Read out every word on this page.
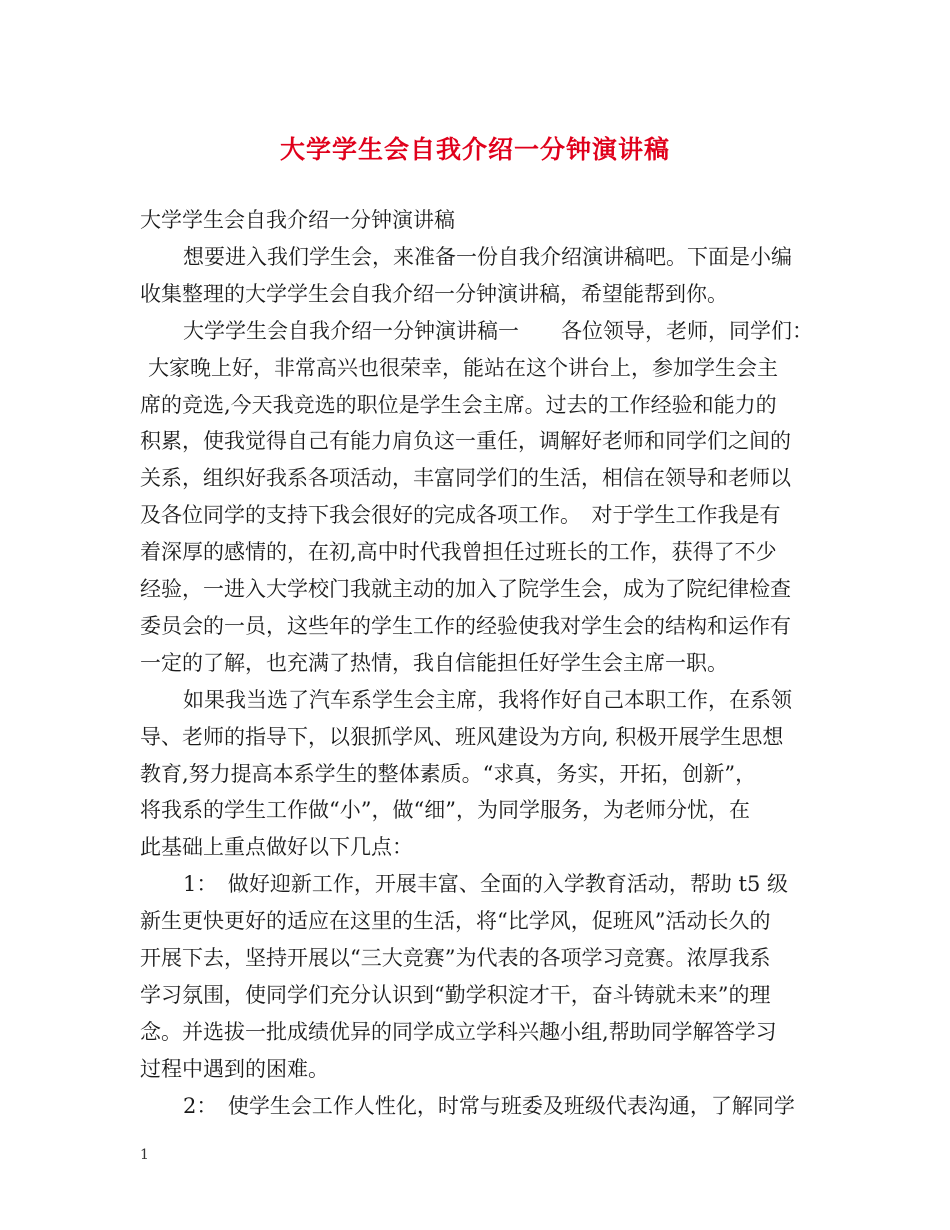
大学学生会自我介绍一分钟演讲稿
大学学生会自我介绍一分钟演讲稿
想要进入我们学生会，来准备一份自我介绍演讲稿吧。下面是小编
收集整理的大学学生会自我介绍一分钟演讲稿，希望能帮到你。
大学学生会自我介绍一分钟演讲稿一　　各位领导，老师，同学们：
大家晚上好，非常高兴也很荣幸，能站在这个讲台上，参加学生会主
席的竞选,今天我竞选的职位是学生会主席。过去的工作经验和能力的
积累，使我觉得自己有能力肩负这一重任，调解好老师和同学们之间的
关系，组织好我系各项活动，丰富同学们的生活，相信在领导和老师以
及各位同学的支持下我会很好的完成各项工作。　对于学生工作我是有
着深厚的感情的，在初,高中时代我曾担任过班长的工作，获得了不少
经验，一进入大学校门我就主动的加入了院学生会，成为了院纪律检查
委员会的一员，这些年的学生工作的经验使我对学生会的结构和运作有
一定的了解，也充满了热情，我自信能担任好学生会主席一职。
如果我当选了汽车系学生会主席，我将作好自己本职工作，在系领
导、老师的指导下，以狠抓学风、班风建设为方向, 积极开展学生思想
教育,努力提高本系学生的整体素质。“求真，务实，开拓，创新”，
将我系的学生工作做“小”，做“细”，为同学服务，为老师分忧，在
此基础上重点做好以下几点：
1：　做好迎新工作，开展丰富、全面的入学教育活动，帮助 t5 级
新生更快更好的适应在这里的生活，将“比学风，促班风”活动长久的
开展下去，坚持开展以“三大竞赛”为代表的各项学习竞赛。浓厚我系
学习氛围，使同学们充分认识到“勤学积淀才干，奋斗铸就未来”的理
念。并选拔一批成绩优异的同学成立学科兴趣小组,帮助同学解答学习
过程中遇到的困难。
2：　使学生会工作人性化，时常与班委及班级代表沟通，了解同学
1
